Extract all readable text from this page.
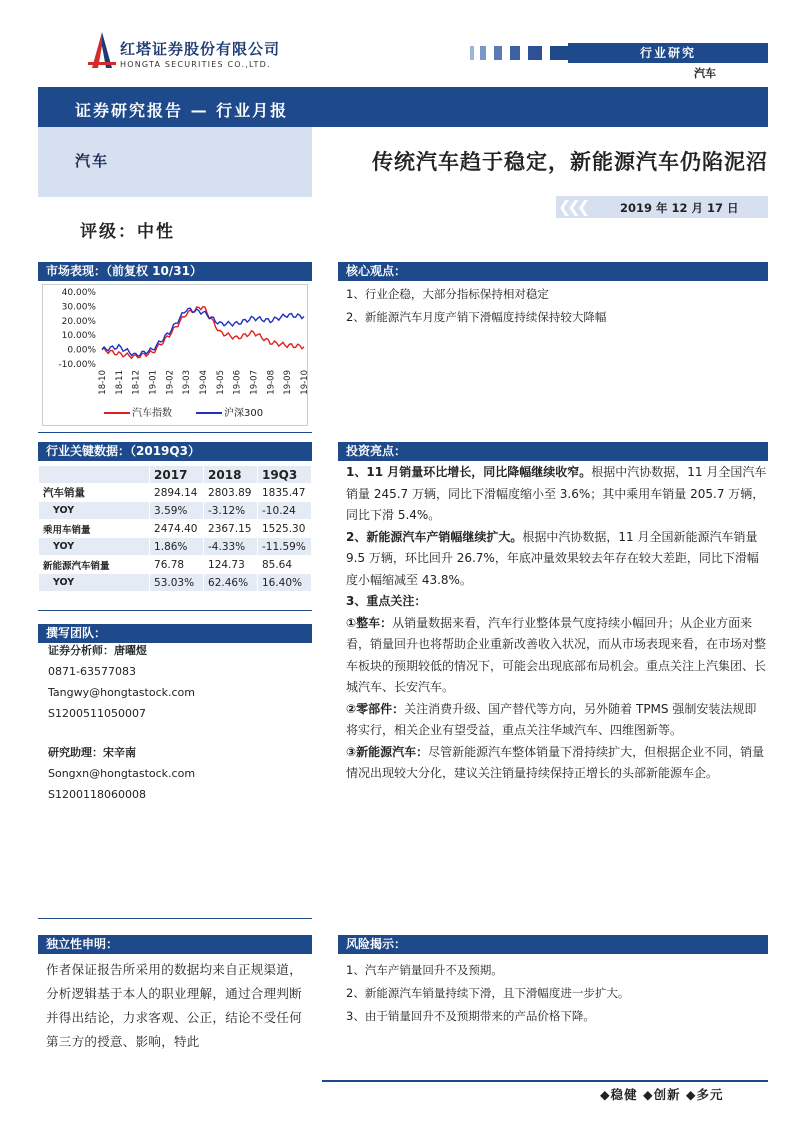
红塔证券股份有限公司
HONGTA SECURITIES CO.,LTD.
行业研究
汽车
证券研究报告 — 行业月报
汽车	传统汽车趋于稳定，新能源汽车仍陷泥沼
❮❮❮	2019 年 12 月 17 日
评级：中性
市场表现：（前复权 10/31）
40.00%
30.00%
20.00%
10.00%
0.00%
-10.00%
18-10 18-11 18-12 19-01 19-02 19-03 19-04 19-05 19-06 19-07 19-08 19-09 19-10
汽车指数	沪深300
行业关键数据：（2019Q3）
	2017	2018	19Q3
汽车销量	2894.14	2803.89	1835.47
YOY	3.59%	-3.12%	-10.24
乘用车销量	2474.40	2367.15	1525.30
YOY	1.86%	-4.33%	-11.59%
新能源汽车销量	76.78	124.73	85.64
YOY	53.03%	62.46%	16.40%
撰写团队：
证券分析师：唐曜煜
0871-63577083
Tangwy@hongtastock.com
S1200511050007
研究助理：宋辛南
Songxn@hongtastock.com
S1200118060008
独立性申明：
作者保证报告所采用的数据均来自正规渠道，分析逻辑基于本人的职业理解，通过合理判断并得出结论，力求客观、公正，结论不受任何第三方的授意、影响，特此
核心观点：
1、行业企稳，大部分指标保持相对稳定
2、新能源汽车月度产销下滑幅度持续保持较大降幅
投资亮点：

1、11 月销量环比增长，同比降幅继续收窄。根据中汽协数据，11 月全国汽车销量 245.7 万辆，同比下滑幅度缩小至 3.6%；其中乘用车销量 205.7 万辆，同比下滑 5.4%。

2、新能源汽车产销幅继续扩大。根据中汽协数据，11 月全国新能源汽车销量 9.5 万辆，环比回升 26.7%，年底冲量效果较去年存在较大差距，同比下滑幅度小幅缩减至 43.8%。

3、重点关注：

①整车：从销量数据来看，汽车行业整体景气度持续小幅回升；从企业方面来看，销量回升也将帮助企业重新改善收入状况，而从市场表现来看，在市场对整车板块的预期较低的情况下，可能会出现底部布局机会。重点关注上汽集团、长城汽车、长安汽车。

②零部件：关注消费升级、国产替代等方向，另外随着 TPMS 强制安装法规即将实行，相关企业有望受益，重点关注华域汽车、四维图新等。

③新能源汽车：尽管新能源汽车整体销量下滑持续扩大，但根据企业不同，销量情况出现较大分化，建议关注销量持续保持正增长的头部新能源车企。

风险揭示：
1、汽车产销量回升不及预期。
2、新能源汽车销量持续下滑，且下滑幅度进一步扩大。
3、由于销量回升不及预期带来的产品价格下降。
◆稳健 ◆创新 ◆多元
